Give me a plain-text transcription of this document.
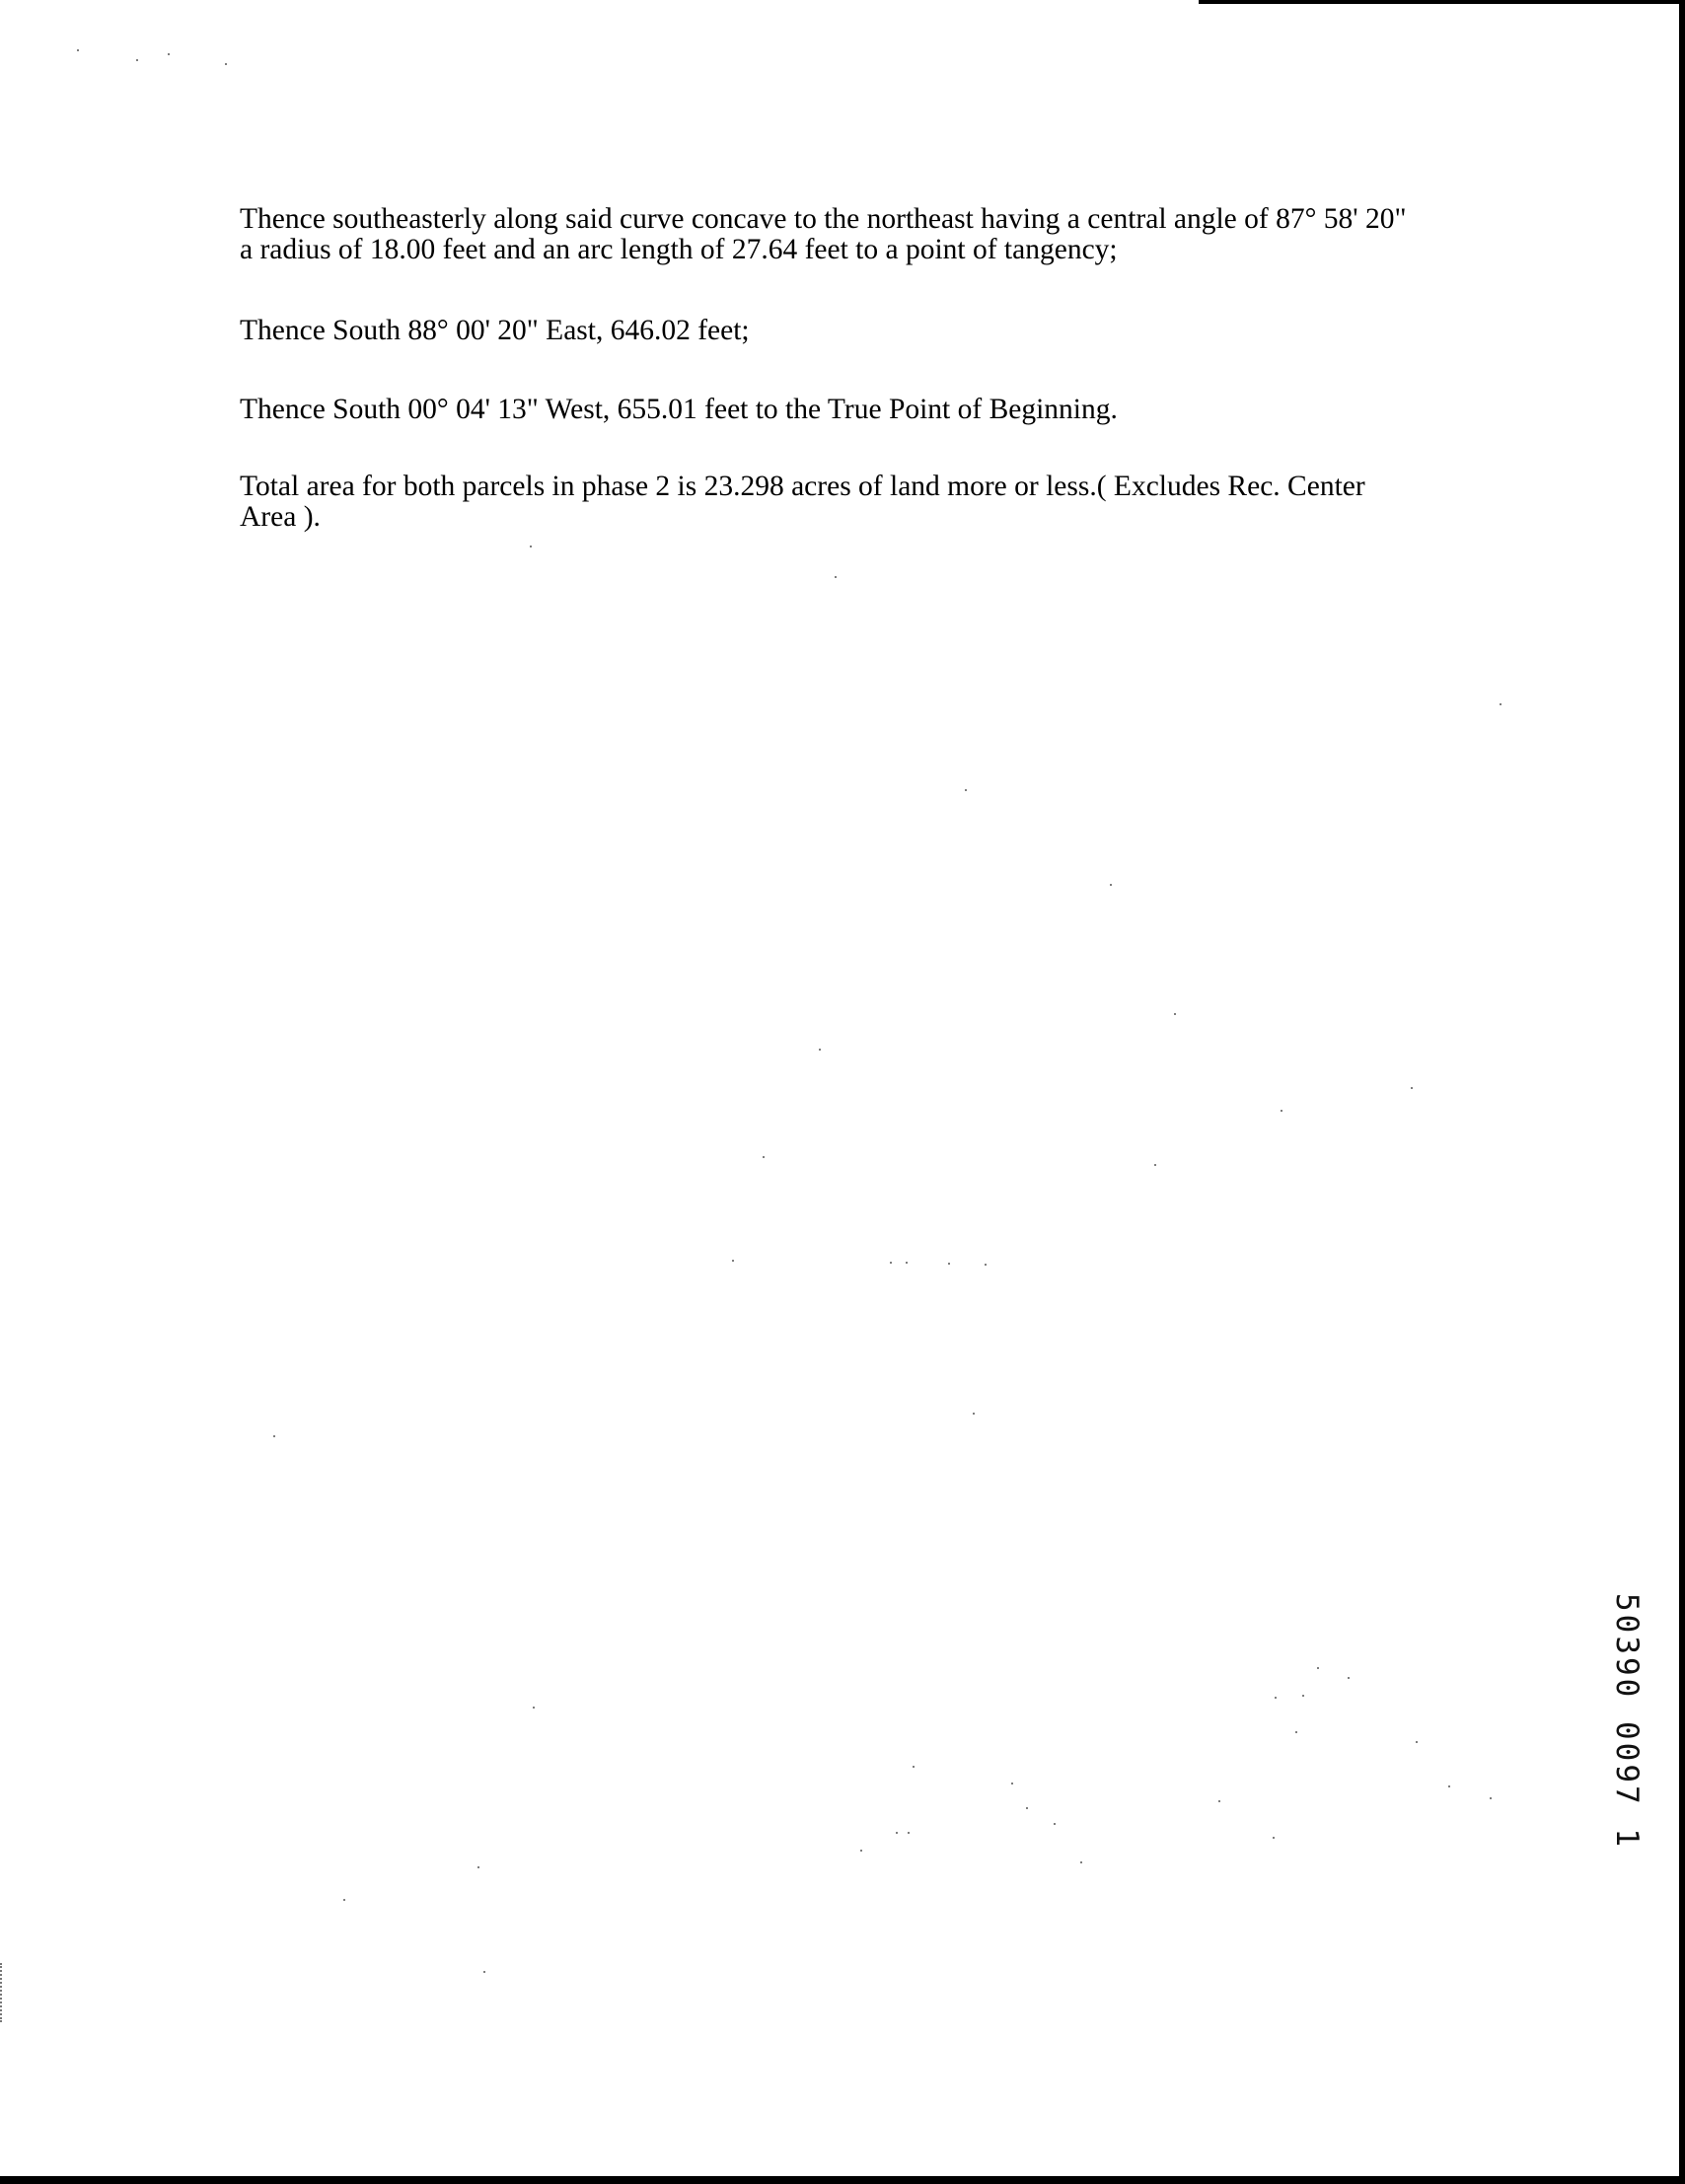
Thence southeasterly along said curve concave to the northeast having a central angle of 87° 58' 20"
a radius of 18.00 feet and an arc length of 27.64 feet to a point of tangency;

Thence South 88° 00' 20" East, 646.02 feet;

Thence South 00° 04' 13" West, 655.01 feet to the True Point of Beginning.

Total area for both parcels in phase 2 is 23.298 acres of land more or less.( Excludes Rec. Center
Area ).

50390 0097 1
